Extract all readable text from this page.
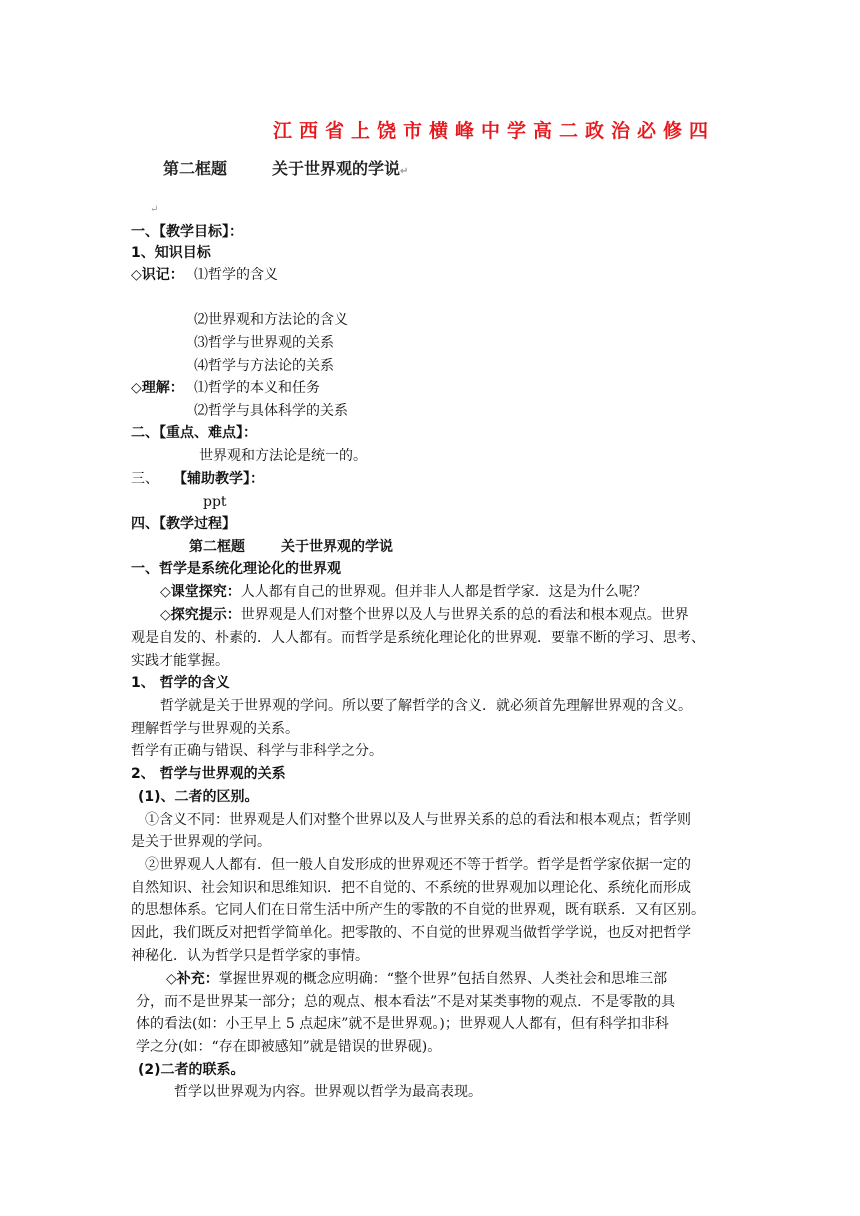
江西省上饶市横峰中学高二政治必修四
第二框题	关于世界观的学说↵
↵
一、【教学目标】：
1、知识目标
◇识记： ⑴哲学的含义
⑵世界观和方法论的含义
⑶哲学与世界观的关系
⑷哲学与方法论的关系
◇理解： ⑴哲学的本义和任务
⑵哲学与具体科学的关系
二、【重点、难点】：
世界观和方法论是统一的。
三、 【辅助教学】：
ppt
四、【教学过程】
第二框题	关于世界观的学说
一、哲学是系统化理论化的世界观
◇课堂探究：人人都有自己的世界观。但并非人人都是哲学家．这是为什么呢？
◇探究提示：世界观是人们对整个世界以及人与世界关系的总的看法和根本观点。世界
观是自发的、朴素的．人人都有。而哲学是系统化理论化的世界观．要靠不断的学习、思考、
实践才能掌握。
1、 哲学的含义
哲学就是关于世界观的学问。所以要了解哲学的含义．就必须首先理解世界观的含义。
理解哲学与世界观的关系。
哲学有正确与错误、科学与非科学之分。
2、 哲学与世界观的关系
(1)、二者的区别。
①含义不同：世界观是人们对整个世界以及人与世界关系的总的看法和根本观点；哲学则
是关于世界观的学问。
②世界观人人都有．但一般人自发形成的世界观还不等于哲学。哲学是哲学家依据一定的
自然知识、社会知识和思维知识．把不自觉的、不系统的世界观加以理论化、系统化而形成
的思想体系。它同人们在日常生活中所产生的零散的不自觉的世界观，既有联系．又有区别。
因此，我们既反对把哲学简单化。把零散的、不自觉的世界观当做哲学学说，也反对把哲学
神秘化．认为哲学只是哲学家的事情。
◇补充：掌握世界观的概念应明确：“整个世界”包括自然界、人类社会和思堆三部
分，而不是世界某一部分；总的观点、根本看法”不是对某类事物的观点．不是零散的具
体的看法(如：小王早上 5 点起床”就不是世界观。)；世界观人人都有，但有科学扣非科
学之分(如：“存在即被感知”就是错误的世界砚)。
(2)二者的联系。
哲学以世界观为内容。世界观以哲学为最高表现。
